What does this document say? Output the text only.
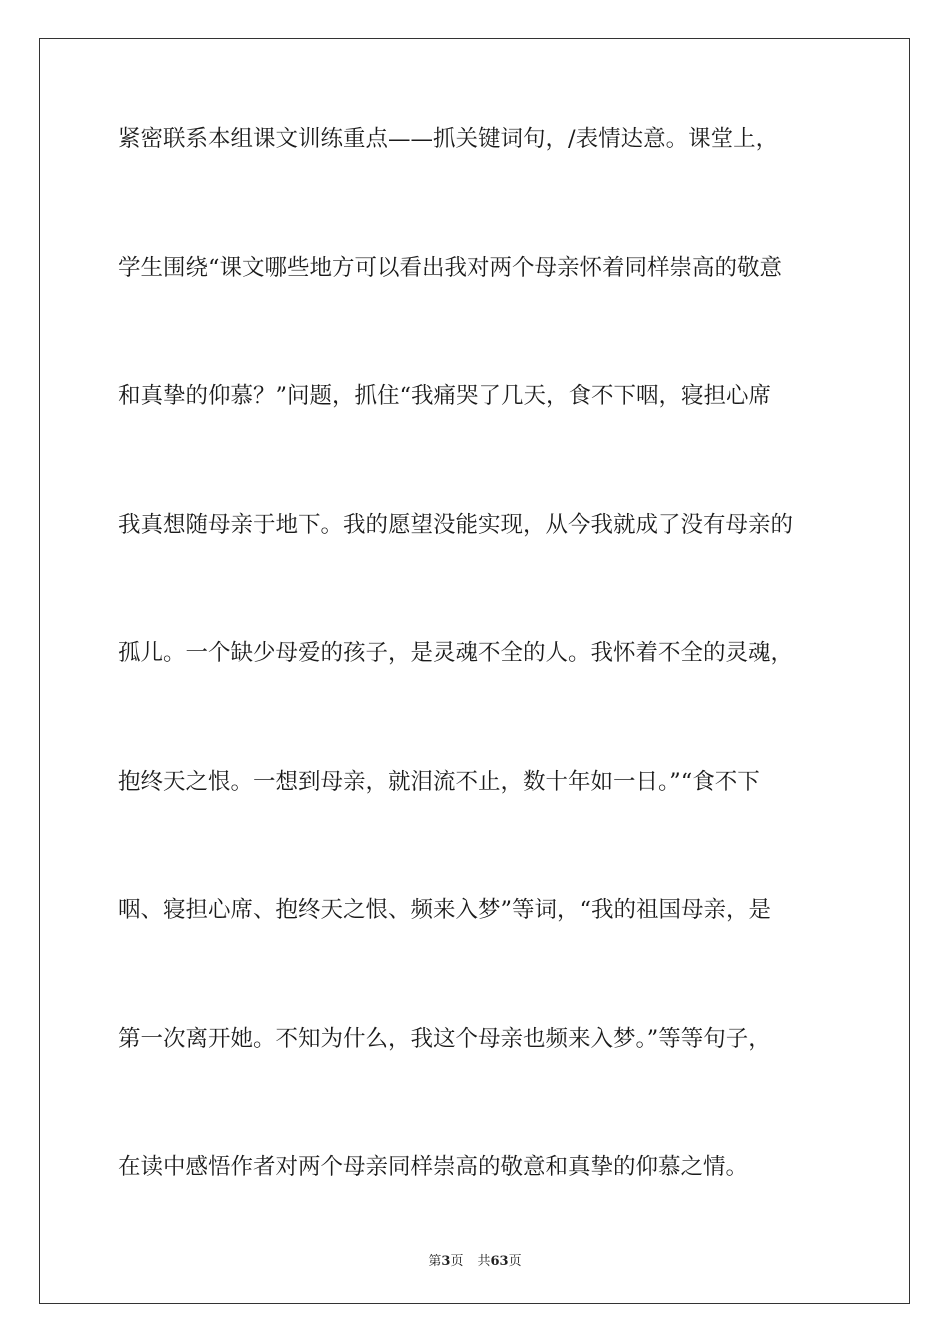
紧密联系本组课文训练重点——抓关键词句，/表情达意。课堂上，
学生围绕“课文哪些地方可以看出我对两个母亲怀着同样崇高的敬意
和真挚的仰慕？”问题，抓住“我痛哭了几天，食不下咽，寝担心席
我真想随母亲于地下。我的愿望没能实现，从今我就成了没有母亲的
孤儿。一个缺少母爱的孩子，是灵魂不全的人。我怀着不全的灵魂，
抱终天之恨。一想到母亲，就泪流不止，数十年如一日。”“食不下
咽、寝担心席、抱终天之恨、频来入梦”等词，“我的祖国母亲，是
第一次离开她。不知为什么，我这个母亲也频来入梦。”等等句子，
在读中感悟作者对两个母亲同样崇高的敬意和真挚的仰慕之情。
第3页 共63页
